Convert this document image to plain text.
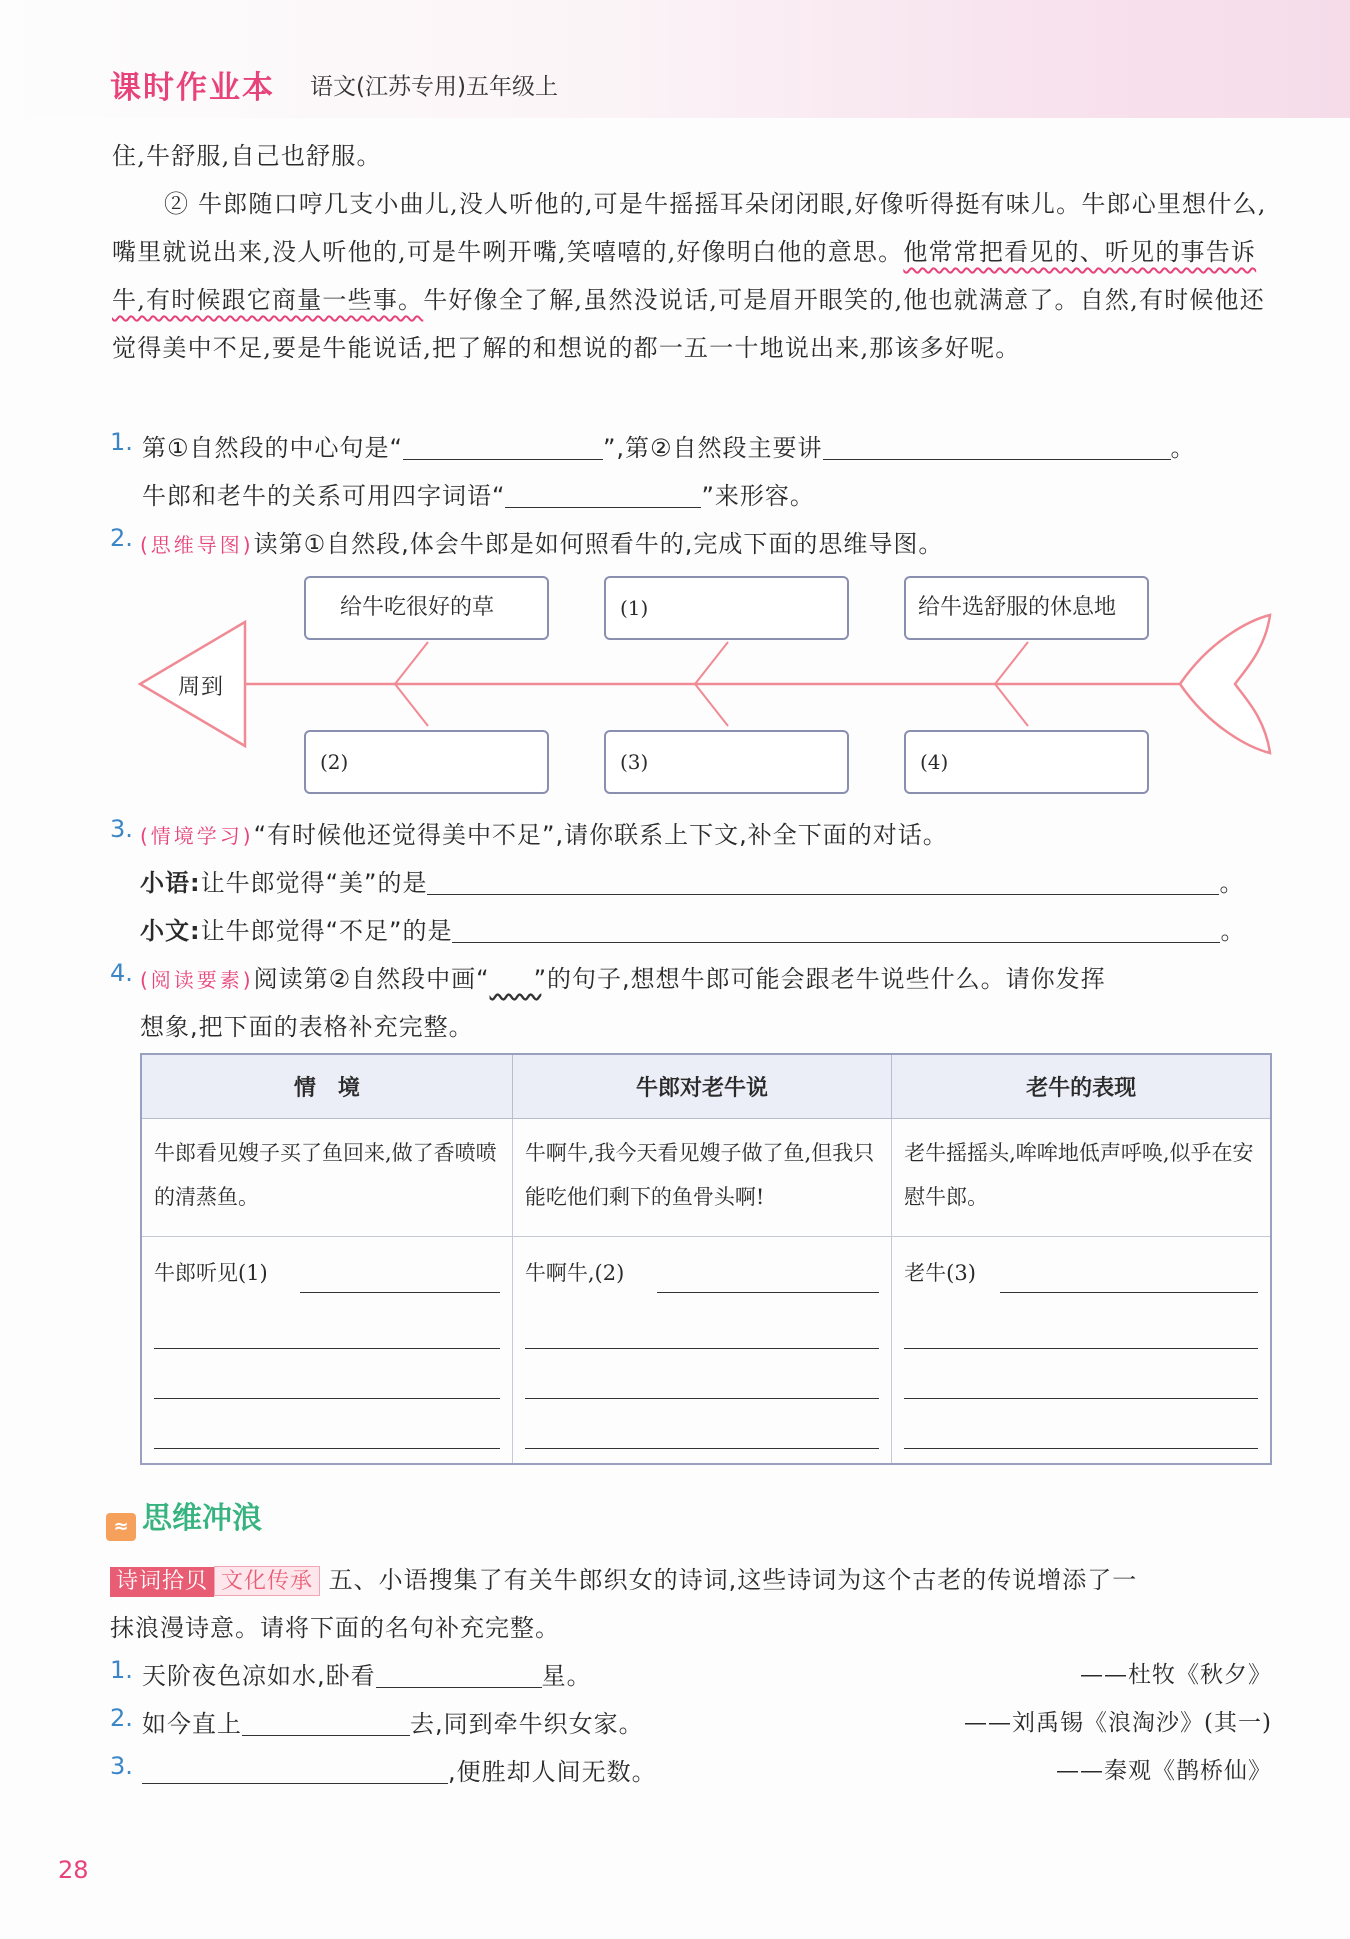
课时作业本 语文(江苏专用)五年级上
住,牛舒服,自己也舒服。
② 牛郎随口哼几支小曲儿,没人听他的,可是牛摇摇耳朵闭闭眼,好像听得挺有味儿。牛郎心里想什么,嘴里就说出来,没人听他的,可是牛咧开嘴,笑嘻嘻的,好像明白他的意思。他常常把看见的、听见的事告诉牛,有时候跟它商量一些事。牛好像全了解,虽然没说话,可是眉开眼笑的,他也就满意了。自然,有时候他还觉得美中不足,要是牛能说话,把了解的和想说的都一五一十地说出来,那该多好呢。
1. 第①自然段的中心句是“	”,第②自然段主要讲	。
牛郎和老牛的关系可用四字词语“	”来形容。
2. (思维导图)读第①自然段,体会牛郎是如何照看牛的,完成下面的思维导图。
周到
给牛吃很好的草	(1)	给牛选舒服的休息地
(2)	(3)	(4)
3. (情境学习)“有时候他还觉得美中不足”,请你联系上下文,补全下面的对话。
小语:让牛郎觉得“美”的是	。
小文:让牛郎觉得“不足”的是	。
4. (阅读要素)阅读第②自然段中画“ ”的句子,想想牛郎可能会跟老牛说些什么。请你发挥
想象,把下面的表格补充完整。
情　境	牛郎对老牛说	老牛的表现
牛郎看见嫂子买了鱼回来,做了香喷喷的清蒸鱼。	牛啊牛,我今天看见嫂子做了鱼,但我只能吃他们剩下的鱼骨头啊!	老牛摇摇头,哞哞地低声呼唤,似乎在安慰牛郎。

牛郎听见(1)	牛啊牛,(2)	老牛(3)
≈ 思维冲浪
诗词拾贝 文化传承 五、小语搜集了有关牛郎织女的诗词,这些诗词为这个古老的传说增添了一
抹浪漫诗意。请将下面的名句补充完整。
1. 天阶夜色凉如水,卧看	星。	——杜牧《秋夕》
2. 如今直上	去,同到牵牛织女家。	——刘禹锡《浪淘沙》(其一)
3.	,便胜却人间无数。	——秦观《鹊桥仙》
28
